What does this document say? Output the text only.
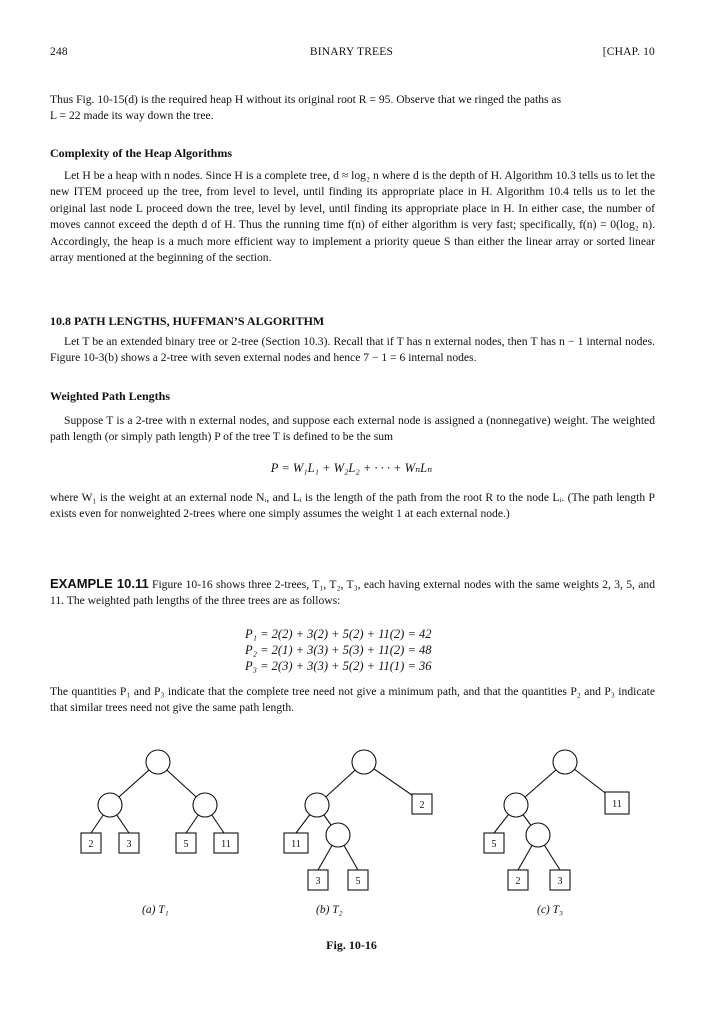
248	BINARY TREES	[CHAP. 10
Thus Fig. 10-15(d) is the required heap H without its original root R = 95. Observe that we ringed the paths as
L = 22 made its way down the tree.
Complexity of the Heap Algorithms

Let H be a heap with n nodes. Since H is a complete tree, d ≈ log₂ n where d is the depth of H. Algorithm 10.3 tells us to let the new ITEM proceed up the tree, from level to level, until finding its appropriate place in H. Algorithm 10.4 tells us to let the original last node L proceed down the tree, level by level, until finding its appropriate place in H. In either case, the number of moves cannot exceed the depth d of H. Thus the running time f(n) of either algorithm is very fast; specifically, f(n) = 0(log₂ n). Accordingly, the heap is a much more efficient way to implement a priority queue S than either the linear array or sorted linear array mentioned at the beginning of the section.

10.8 PATH LENGTHS, HUFFMAN’S ALGORITHM

Let T be an extended binary tree or 2-tree (Section 10.3). Recall that if T has n external nodes, then T has n − 1 internal nodes. Figure 10-3(b) shows a 2-tree with seven external nodes and hence 7 − 1 = 6 internal nodes.

Weighted Path Lengths

Suppose T is a 2-tree with n external nodes, and suppose each external node is assigned a (nonnegative) weight. The weighted path length (or simply path length) P of the tree T is defined to be the sum

P = W₁L₁ + W₂L₂ + · · · + WₙLₙ

where W₁ is the weight at an external node Nᵢ, and Lᵢ is the length of the path from the root R to the node Lᵢ. (The path length P exists even for nonweighted 2-trees where one simply assumes the weight 1 at each external node.)

EXAMPLE 10.11 Figure 10-16 shows three 2-trees, T₁, T₂, T₃, each having external nodes with the same weights 2, 3, 5, and 11. The weighted path lengths of the three trees are as follows:

P₁ = 2(2) + 3(2) + 5(2) + 11(2) = 42
P₂ = 2(1) + 3(3) + 5(3) + 11(2) = 48
P₃ = 2(3) + 3(3) + 5(2) + 11(1) = 36

The quantities P₁ and P₃ indicate that the complete tree need not give a minimum path, and that the quantities P₂ and P₃ indicate that similar trees need not give the same path length.

2	3	5	11	11
2
3	5
11
5
2	3
(a) T₁	(b) T₂	(c) T₃
Fig. 10-16
